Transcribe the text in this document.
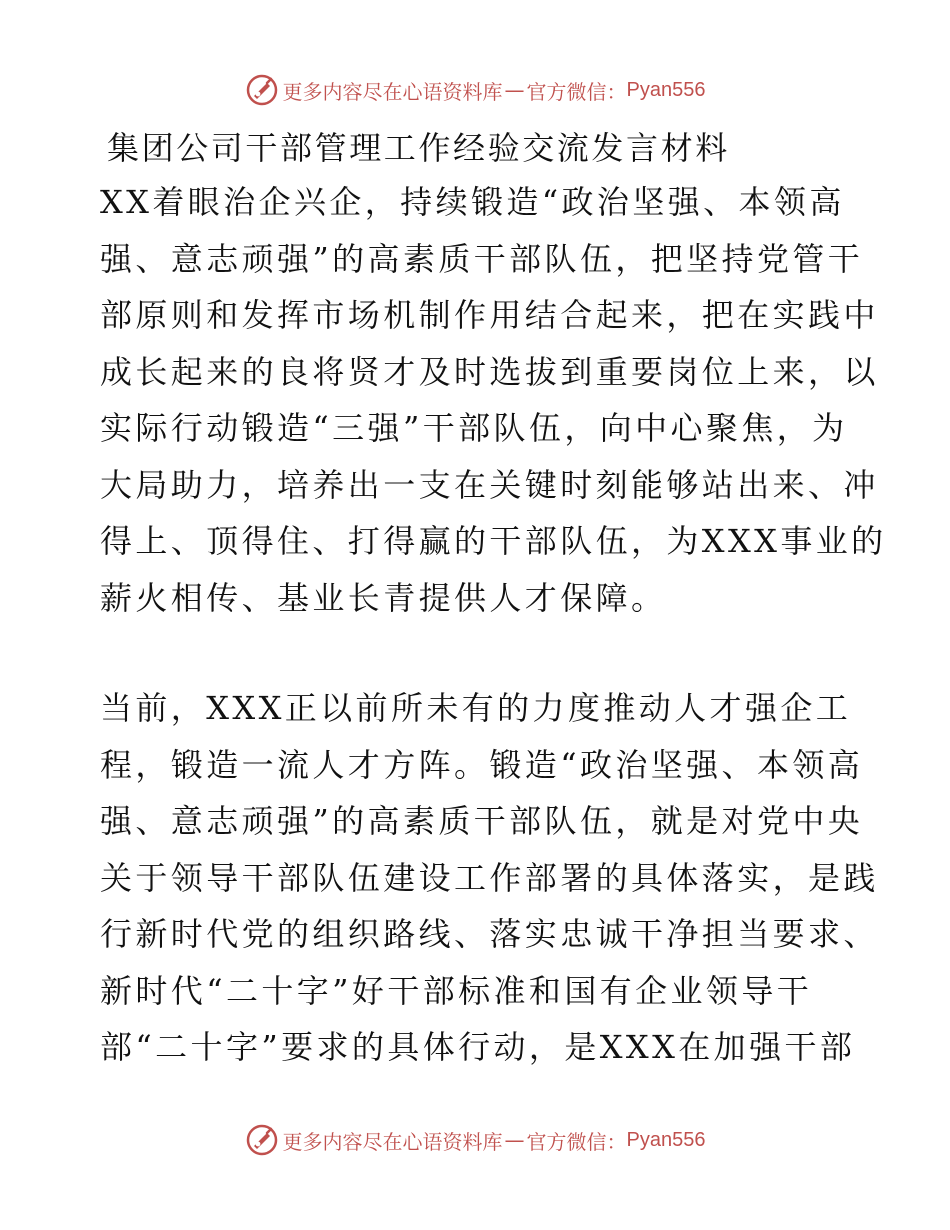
更多内容尽在心语资料库 — 官方微信： Pyan556
集团公司干部管理工作经验交流发言材料
XX着眼治企兴企，持续锻造“政治坚强、本领高
强、意志顽强”的高素质干部队伍，把坚持党管干
部原则和发挥市场机制作用结合起来，把在实践中
成长起来的良将贤才及时选拔到重要岗位上来，以
实际行动锻造“三强”干部队伍，向中心聚焦，为
大局助力，培养出一支在关键时刻能够站出来、冲
得上、顶得住、打得赢的干部队伍，为XXX事业的
薪火相传、基业长青提供人才保障。
当前，XXX正以前所未有的力度推动人才强企工
程，锻造一流人才方阵。锻造“政治坚强、本领高
强、意志顽强”的高素质干部队伍，就是对党中央
关于领导干部队伍建设工作部署的具体落实，是践
行新时代党的组织路线、落实忠诚干净担当要求、
新时代“二十字”好干部标准和国有企业领导干
部“二十字”要求的具体行动，是XXX在加强干部
更多内容尽在心语资料库 — 官方微信： Pyan556
